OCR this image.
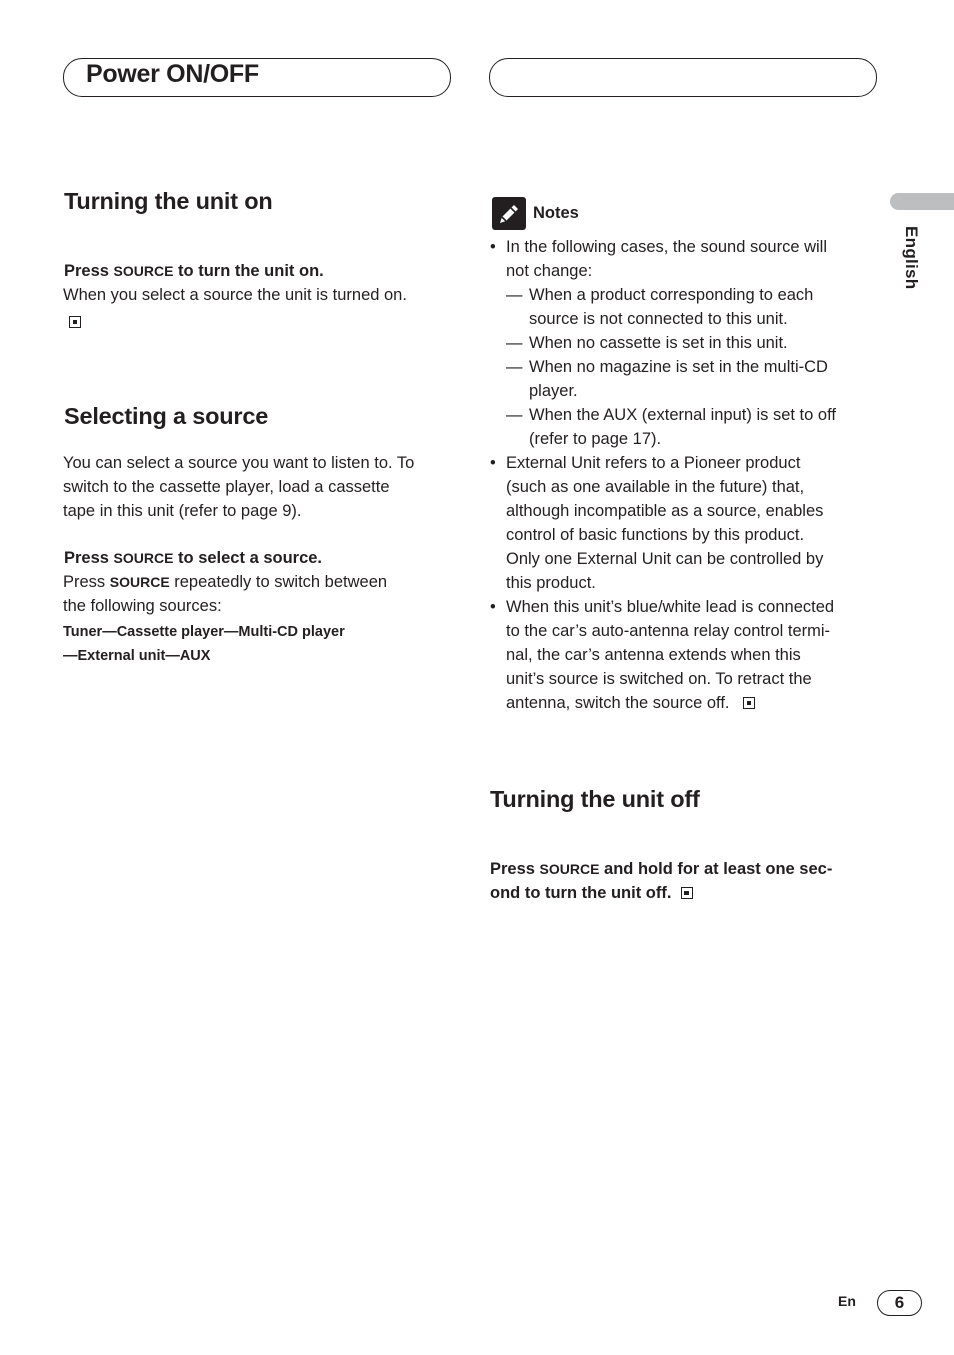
Power ON/OFF
English
Turning the unit on
Press SOURCE to turn the unit on.
When you select a source the unit is turned on.
Selecting a source
You can select a source you want to listen to. To
switch to the cassette player, load a cassette
tape in this unit (refer to page 9).
Press SOURCE to select a source.
Press SOURCE repeatedly to switch between
the following sources:
Tuner—Cassette player—Multi-CD player
—External unit—AUX
Notes
• In the following cases, the sound source will
not change:
— When a product corresponding to each
source is not connected to this unit.
— When no cassette is set in this unit.
— When no magazine is set in the multi-CD
player.
— When the AUX (external input) is set to off
(refer to page 17).
• External Unit refers to a Pioneer product
(such as one available in the future) that,
although incompatible as a source, enables
control of basic functions by this product.
Only one External Unit can be controlled by
this product.
• When this unit’s blue/white lead is connected
to the car’s auto-antenna relay control termi-
nal, the car’s antenna extends when this
unit’s source is switched on. To retract the
antenna, switch the source off.
Turning the unit off
Press SOURCE and hold for at least one sec-
ond to turn the unit off.
En	6
